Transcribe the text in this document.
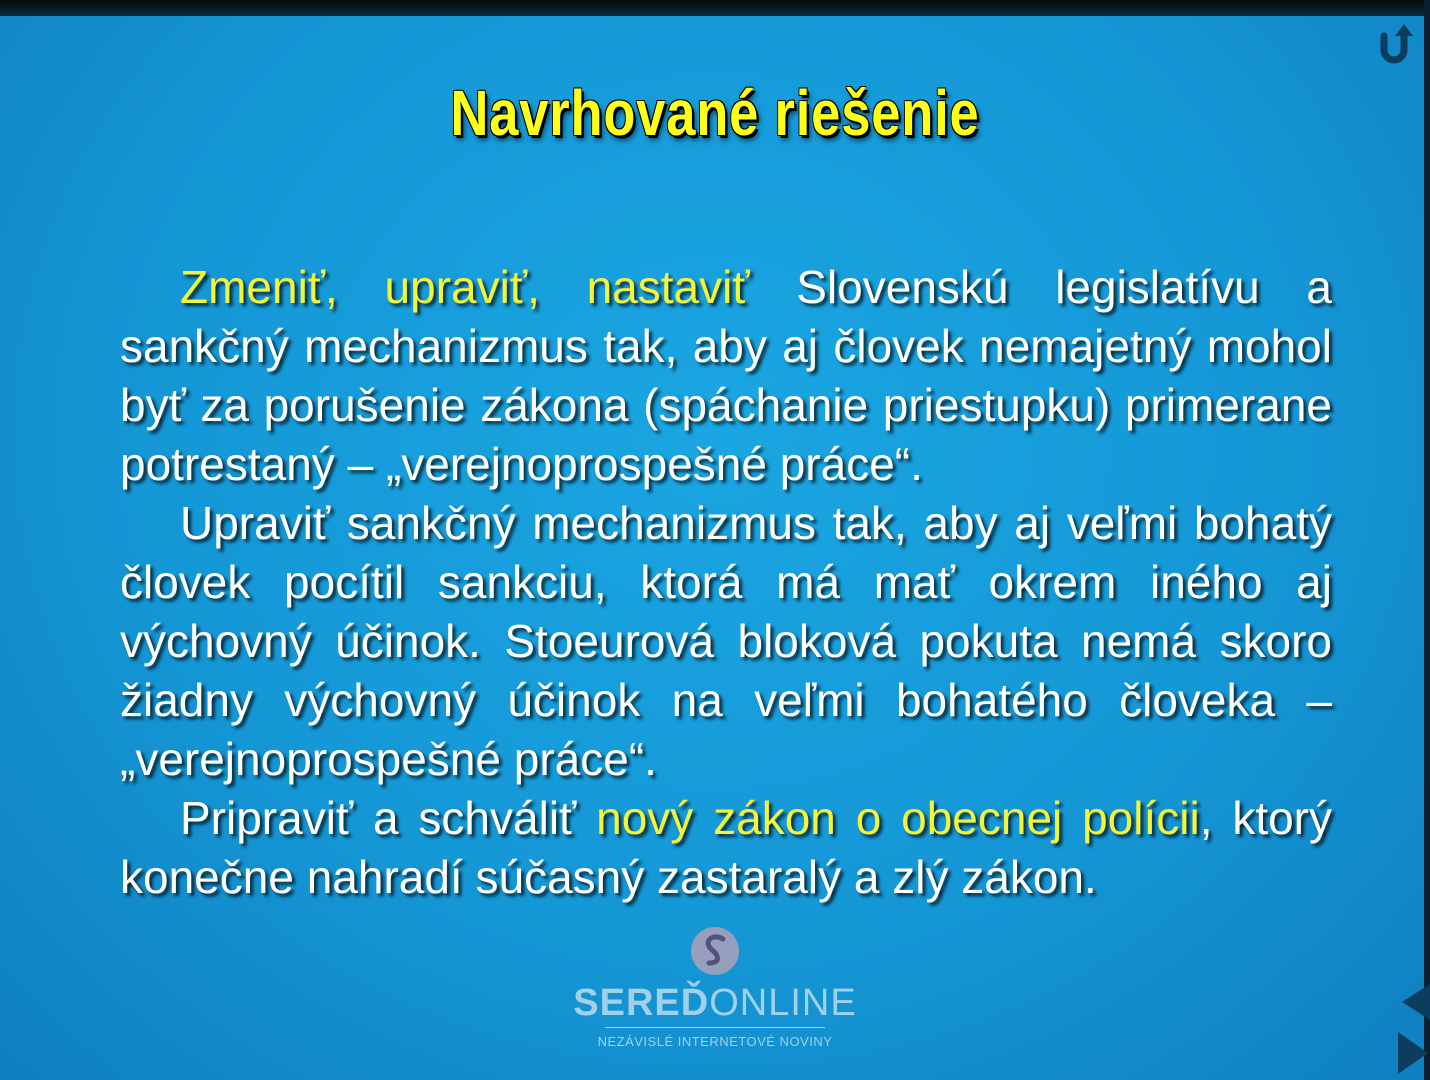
Navrhované riešenie

Zmeniť, upraviť, nastaviť Slovenskú legislatívu a sankčný mechanizmus tak, aby aj človek nemajetný mohol byť za porušenie zákona (spáchanie priestupku) primerane potrestaný – „verejnoprospešné práce“.

Upraviť sankčný mechanizmus tak, aby aj veľmi bohatý človek pocítil sankciu, ktorá má mať okrem iného aj výchovný účinok. Stoeurová bloková pokuta nemá skoro žiadny výchovný účinok na veľmi bohatého človeka – „verejnoprospešné práce“.

Pripraviť a schváliť nový zákon o obecnej polícii, ktorý konečne nahradí súčasný zastaralý a zlý zákon.

SEREĎONLINE
NEZÁVISLÉ INTERNETOVÉ NOVINY
